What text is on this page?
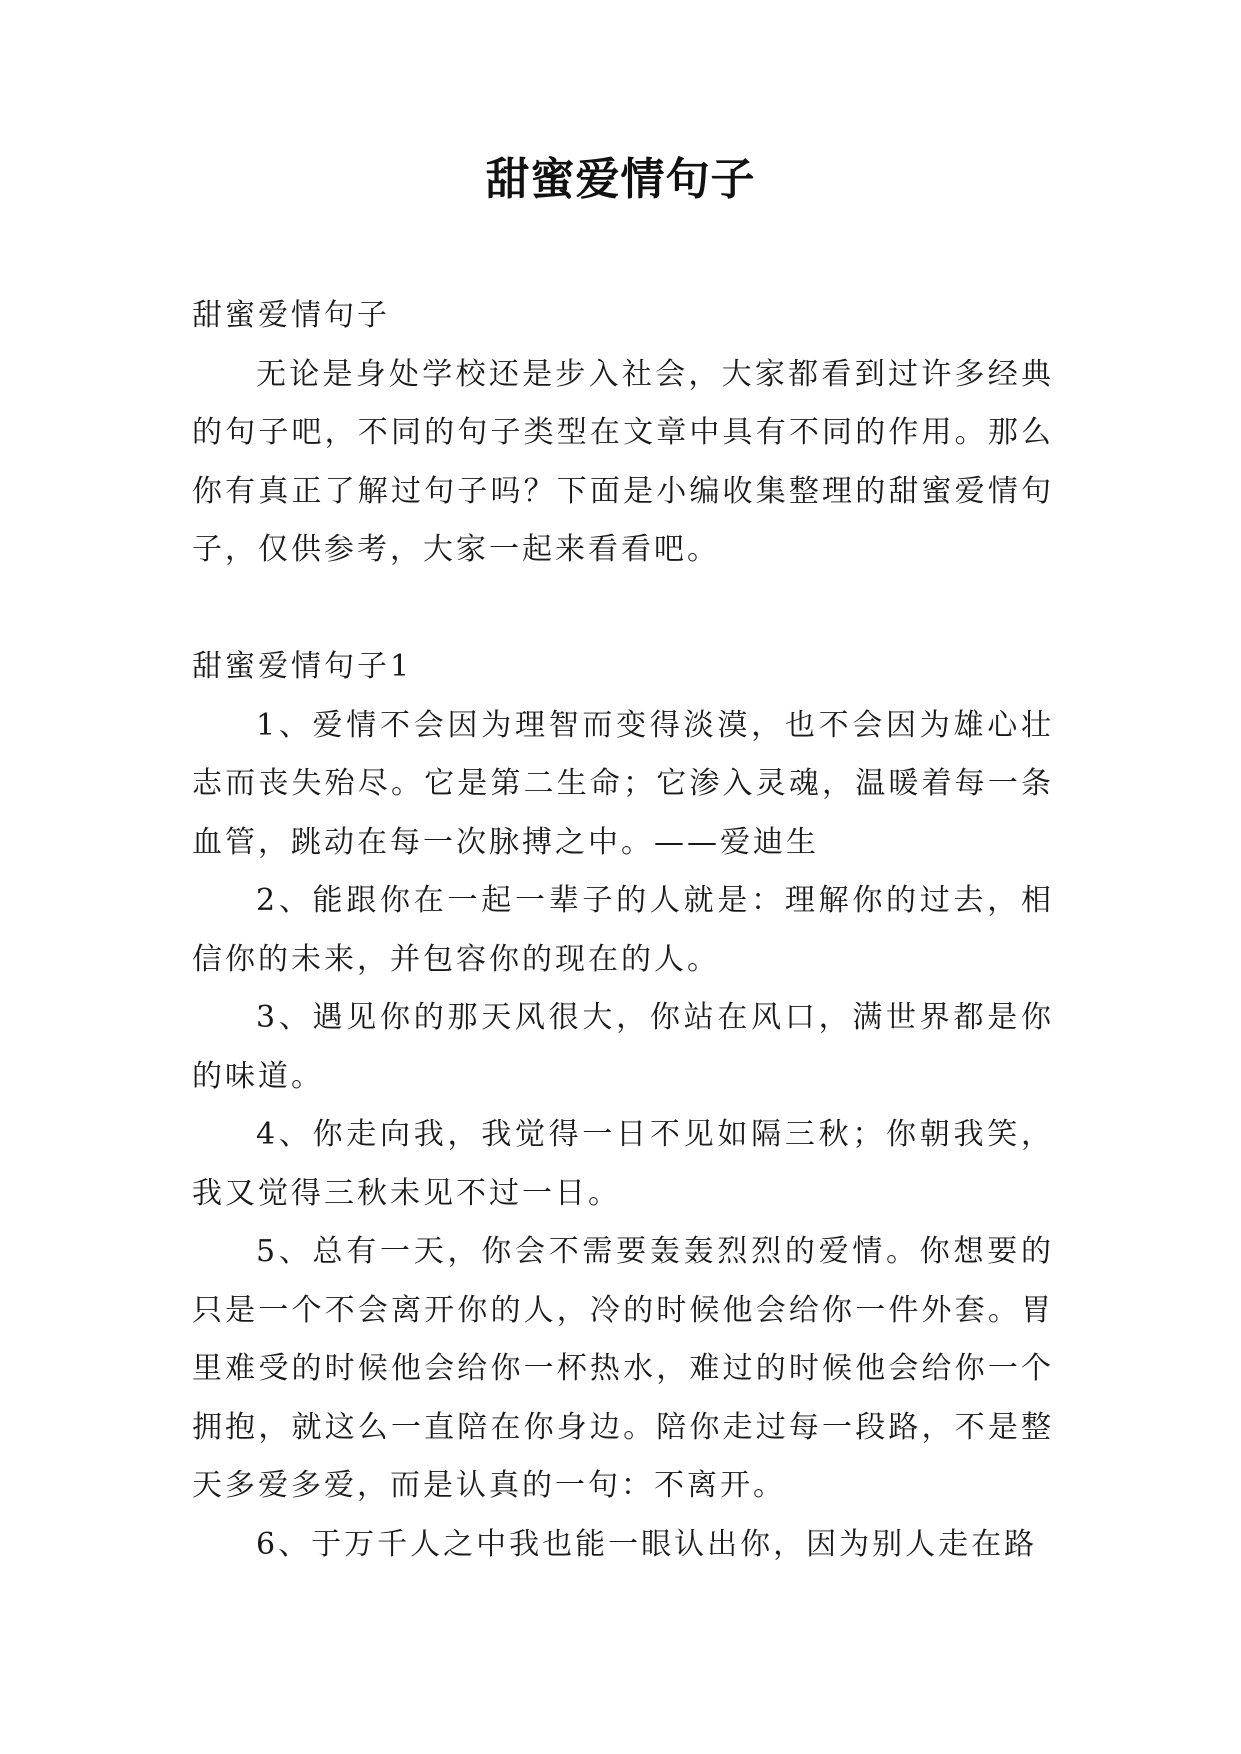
甜蜜爱情句子

甜蜜爱情句子

无论是身处学校还是步入社会，大家都看到过许多经典的句子吧，不同的句子类型在文章中具有不同的作用。那么你有真正了解过句子吗？下面是小编收集整理的甜蜜爱情句子，仅供参考，大家一起来看看吧。

甜蜜爱情句子1

1、爱情不会因为理智而变得淡漠，也不会因为雄心壮志而丧失殆尽。它是第二生命；它渗入灵魂，温暖着每一条血管，跳动在每一次脉搏之中。——爱迪生

2、能跟你在一起一辈子的人就是：理解你的过去，相信你的未来，并包容你的现在的人。

3、遇见你的那天风很大，你站在风口，满世界都是你的味道。

4、你走向我，我觉得一日不见如隔三秋；你朝我笑，我又觉得三秋未见不过一日。

5、总有一天，你会不需要轰轰烈烈的爱情。你想要的只是一个不会离开你的人，冷的时候他会给你一件外套。胃里难受的时候他会给你一杯热水，难过的时候他会给你一个拥抱，就这么一直陪在你身边。陪你走过每一段路，不是整天多爱多爱，而是认真的一句：不离开。

6、于万千人之中我也能一眼认出你，因为别人走在路
